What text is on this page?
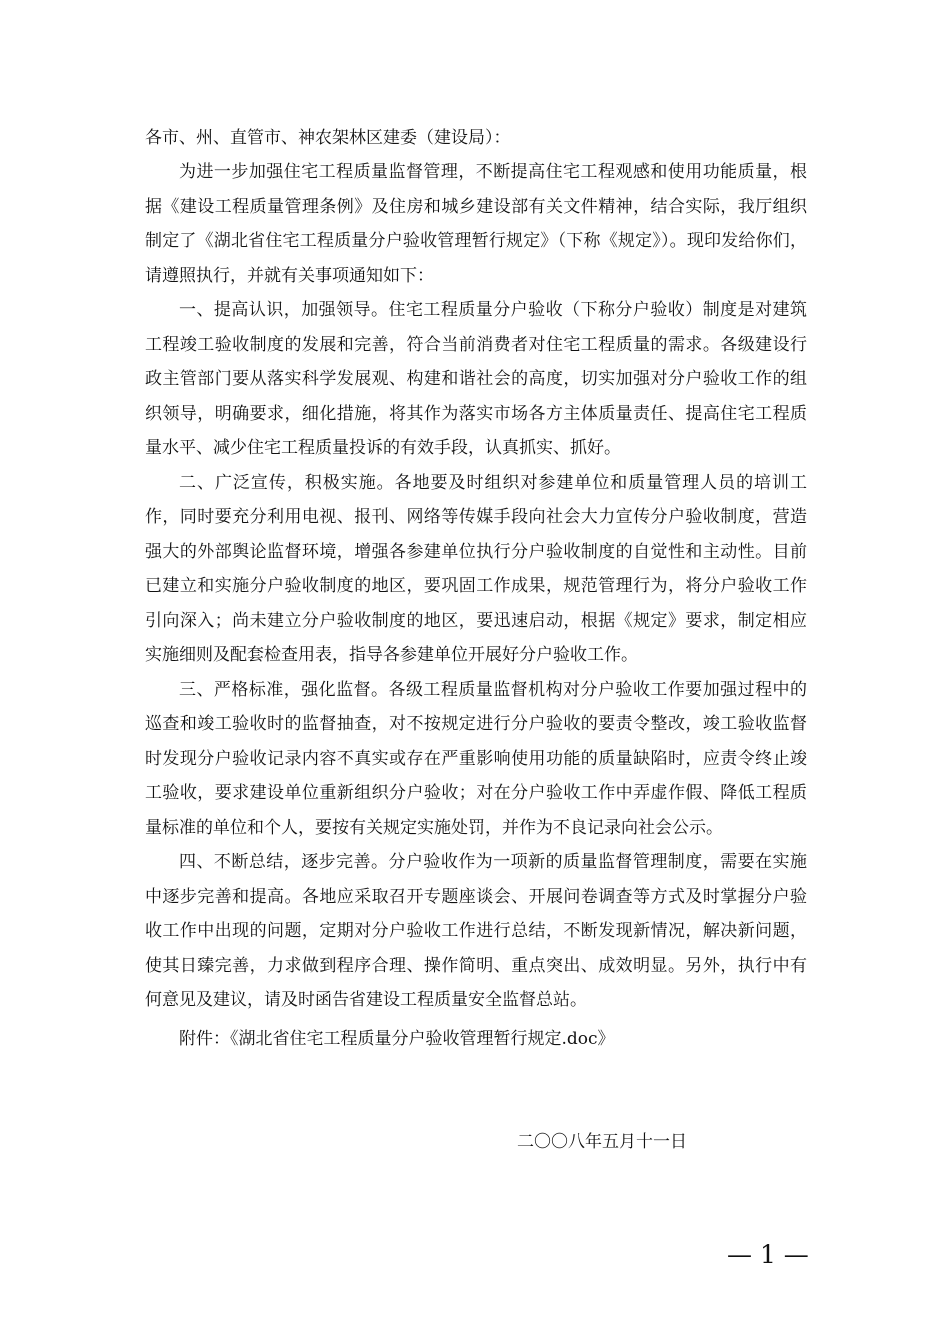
各市、州、直管市、神农架林区建委（建设局）：

为进一步加强住宅工程质量监督管理，不断提高住宅工程观感和使用功能质量，根据《建设工程质量管理条例》及住房和城乡建设部有关文件精神，结合实际，我厅组织制定了《湖北省住宅工程质量分户验收管理暂行规定》（下称《规定》）。现印发给你们，请遵照执行，并就有关事项通知如下：

一、提高认识，加强领导。住宅工程质量分户验收（下称分户验收）制度是对建筑工程竣工验收制度的发展和完善，符合当前消费者对住宅工程质量的需求。各级建设行政主管部门要从落实科学发展观、构建和谐社会的高度，切实加强对分户验收工作的组织领导，明确要求，细化措施，将其作为落实市场各方主体质量责任、提高住宅工程质量水平、减少住宅工程质量投诉的有效手段，认真抓实、抓好。

二、广泛宣传，积极实施。各地要及时组织对参建单位和质量管理人员的培训工作，同时要充分利用电视、报刊、网络等传媒手段向社会大力宣传分户验收制度，营造强大的外部舆论监督环境，增强各参建单位执行分户验收制度的自觉性和主动性。目前已建立和实施分户验收制度的地区，要巩固工作成果，规范管理行为，将分户验收工作引向深入；尚未建立分户验收制度的地区，要迅速启动，根据《规定》要求，制定相应实施细则及配套检查用表，指导各参建单位开展好分户验收工作。

三、严格标准，强化监督。各级工程质量监督机构对分户验收工作要加强过程中的巡查和竣工验收时的监督抽查，对不按规定进行分户验收的要责令整改，竣工验收监督时发现分户验收记录内容不真实或存在严重影响使用功能的质量缺陷时，应责令终止竣工验收，要求建设单位重新组织分户验收；对在分户验收工作中弄虚作假、降低工程质量标准的单位和个人，要按有关规定实施处罚，并作为不良记录向社会公示。

四、不断总结，逐步完善。分户验收作为一项新的质量监督管理制度，需要在实施中逐步完善和提高。各地应采取召开专题座谈会、开展问卷调查等方式及时掌握分户验收工作中出现的问题，定期对分户验收工作进行总结，不断发现新情况，解决新问题，使其日臻完善，力求做到程序合理、操作简明、重点突出、成效明显。另外，执行中有何意见及建议，请及时函告省建设工程质量安全监督总站。

附件：《湖北省住宅工程质量分户验收管理暂行规定.doc》
二〇〇八年五月十一日
— 1 —
